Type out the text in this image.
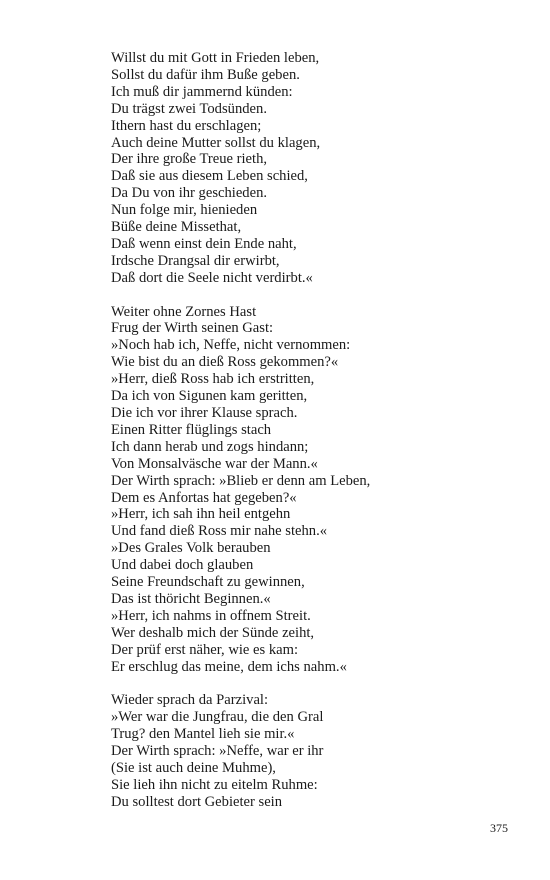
Willst du mit Gott in Frieden leben,
Sollst du dafür ihm Buße geben.
Ich muß dir jammernd künden:
Du trägst zwei Todsünden.
Ithern hast du erschlagen;
Auch deine Mutter sollst du klagen,
Der ihre große Treue rieth,
Daß sie aus diesem Leben schied,
Da Du von ihr geschieden.
Nun folge mir, hienieden
Büße deine Missethat,
Daß wenn einst dein Ende naht,
Irdsche Drangsal dir erwirbt,
Daß dort die Seele nicht verdirbt.«
Weiter ohne Zornes Hast
Frug der Wirth seinen Gast:
»Noch hab ich, Neffe, nicht vernommen:
Wie bist du an dieß Ross gekommen?«
»Herr, dieß Ross hab ich erstritten,
Da ich von Sigunen kam geritten,
Die ich vor ihrer Klause sprach.
Einen Ritter flüglings stach
Ich dann herab und zogs hindann;
Von Monsalväsche war der Mann.«
Der Wirth sprach: »Blieb er denn am Leben,
Dem es Anfortas hat gegeben?«
»Herr, ich sah ihn heil entgehn
Und fand dieß Ross mir nahe stehn.«
»Des Grales Volk berauben
Und dabei doch glauben
Seine Freundschaft zu gewinnen,
Das ist thöricht Beginnen.«
»Herr, ich nahms in offnem Streit.
Wer deshalb mich der Sünde zeiht,
Der prüf erst näher, wie es kam:
Er erschlug das meine, dem ichs nahm.«
Wieder sprach da Parzival:
»Wer war die Jungfrau, die den Gral
Trug? den Mantel lieh sie mir.«
Der Wirth sprach: »Neffe, war er ihr
(Sie ist auch deine Muhme),
Sie lieh ihn nicht zu eitelm Ruhme:
Du solltest dort Gebieter sein
375
